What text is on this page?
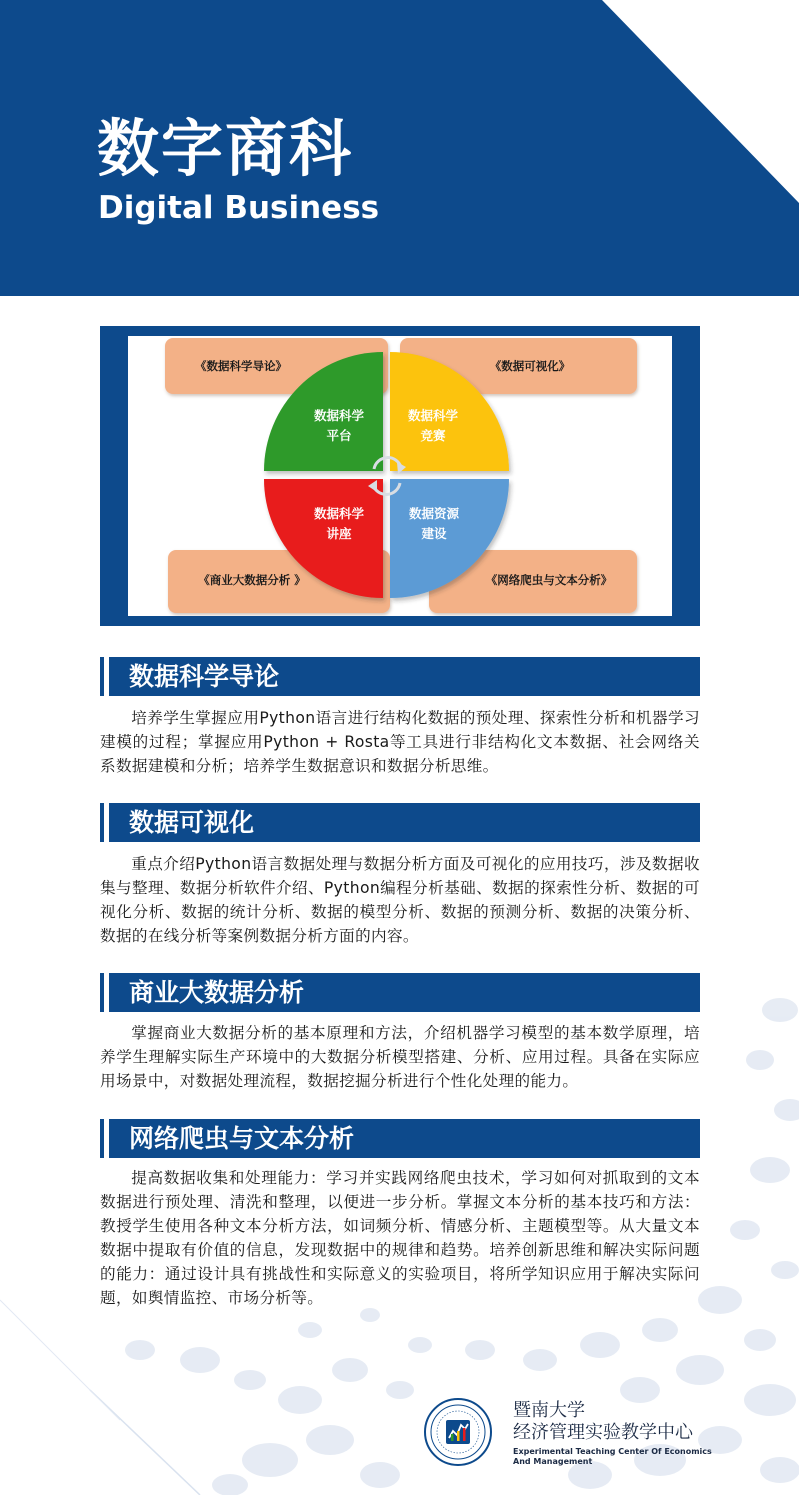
数字商科
Digital Business
《数据科学导论》	《数据可视化》
《商业大数据分析 》	《网络爬虫与文本分析》
数据科学
平台
数据科学
竞赛
数据科学
讲座
数据资源
建设
数据科学导论
培养学生掌握应用Python语言进行结构化数据的预处理、探索性分析和机器学习建模的过程；掌握应用Python + Rosta等工具进行非结构化文本数据、社会网络关系数据建模和分析；培养学生数据意识和数据分析思维。
数据可视化
重点介绍Python语言数据处理与数据分析方面及可视化的应用技巧，涉及数据收集与整理、数据分析软件介绍、Python编程分析基础、数据的探索性分析、数据的可视化分析、数据的统计分析、数据的模型分析、数据的预测分析、数据的决策分析、数据的在线分析等案例数据分析方面的内容。
商业大数据分析
掌握商业大数据分析的基本原理和方法，介绍机器学习模型的基本数学原理，培养学生理解实际生产环境中的大数据分析模型搭建、分析、应用过程。具备在实际应用场景中，对数据处理流程，数据挖掘分析进行个性化处理的能力。
网络爬虫与文本分析
提高数据收集和处理能力：学习并实践网络爬虫技术，学习如何对抓取到的文本数据进行预处理、清洗和整理，以便进一步分析。掌握文本分析的基本技巧和方法：教授学生使用各种文本分析方法，如词频分析、情感分析、主题模型等。从大量文本数据中提取有价值的信息，发现数据中的规律和趋势。培养创新思维和解决实际问题的能力：通过设计具有挑战性和实际意义的实验项目，将所学知识应用于解决实际问题，如舆情监控、市场分析等。
暨南大学
经济管理实验教学中心
Experimental Teaching Center Of Economics
And Management
